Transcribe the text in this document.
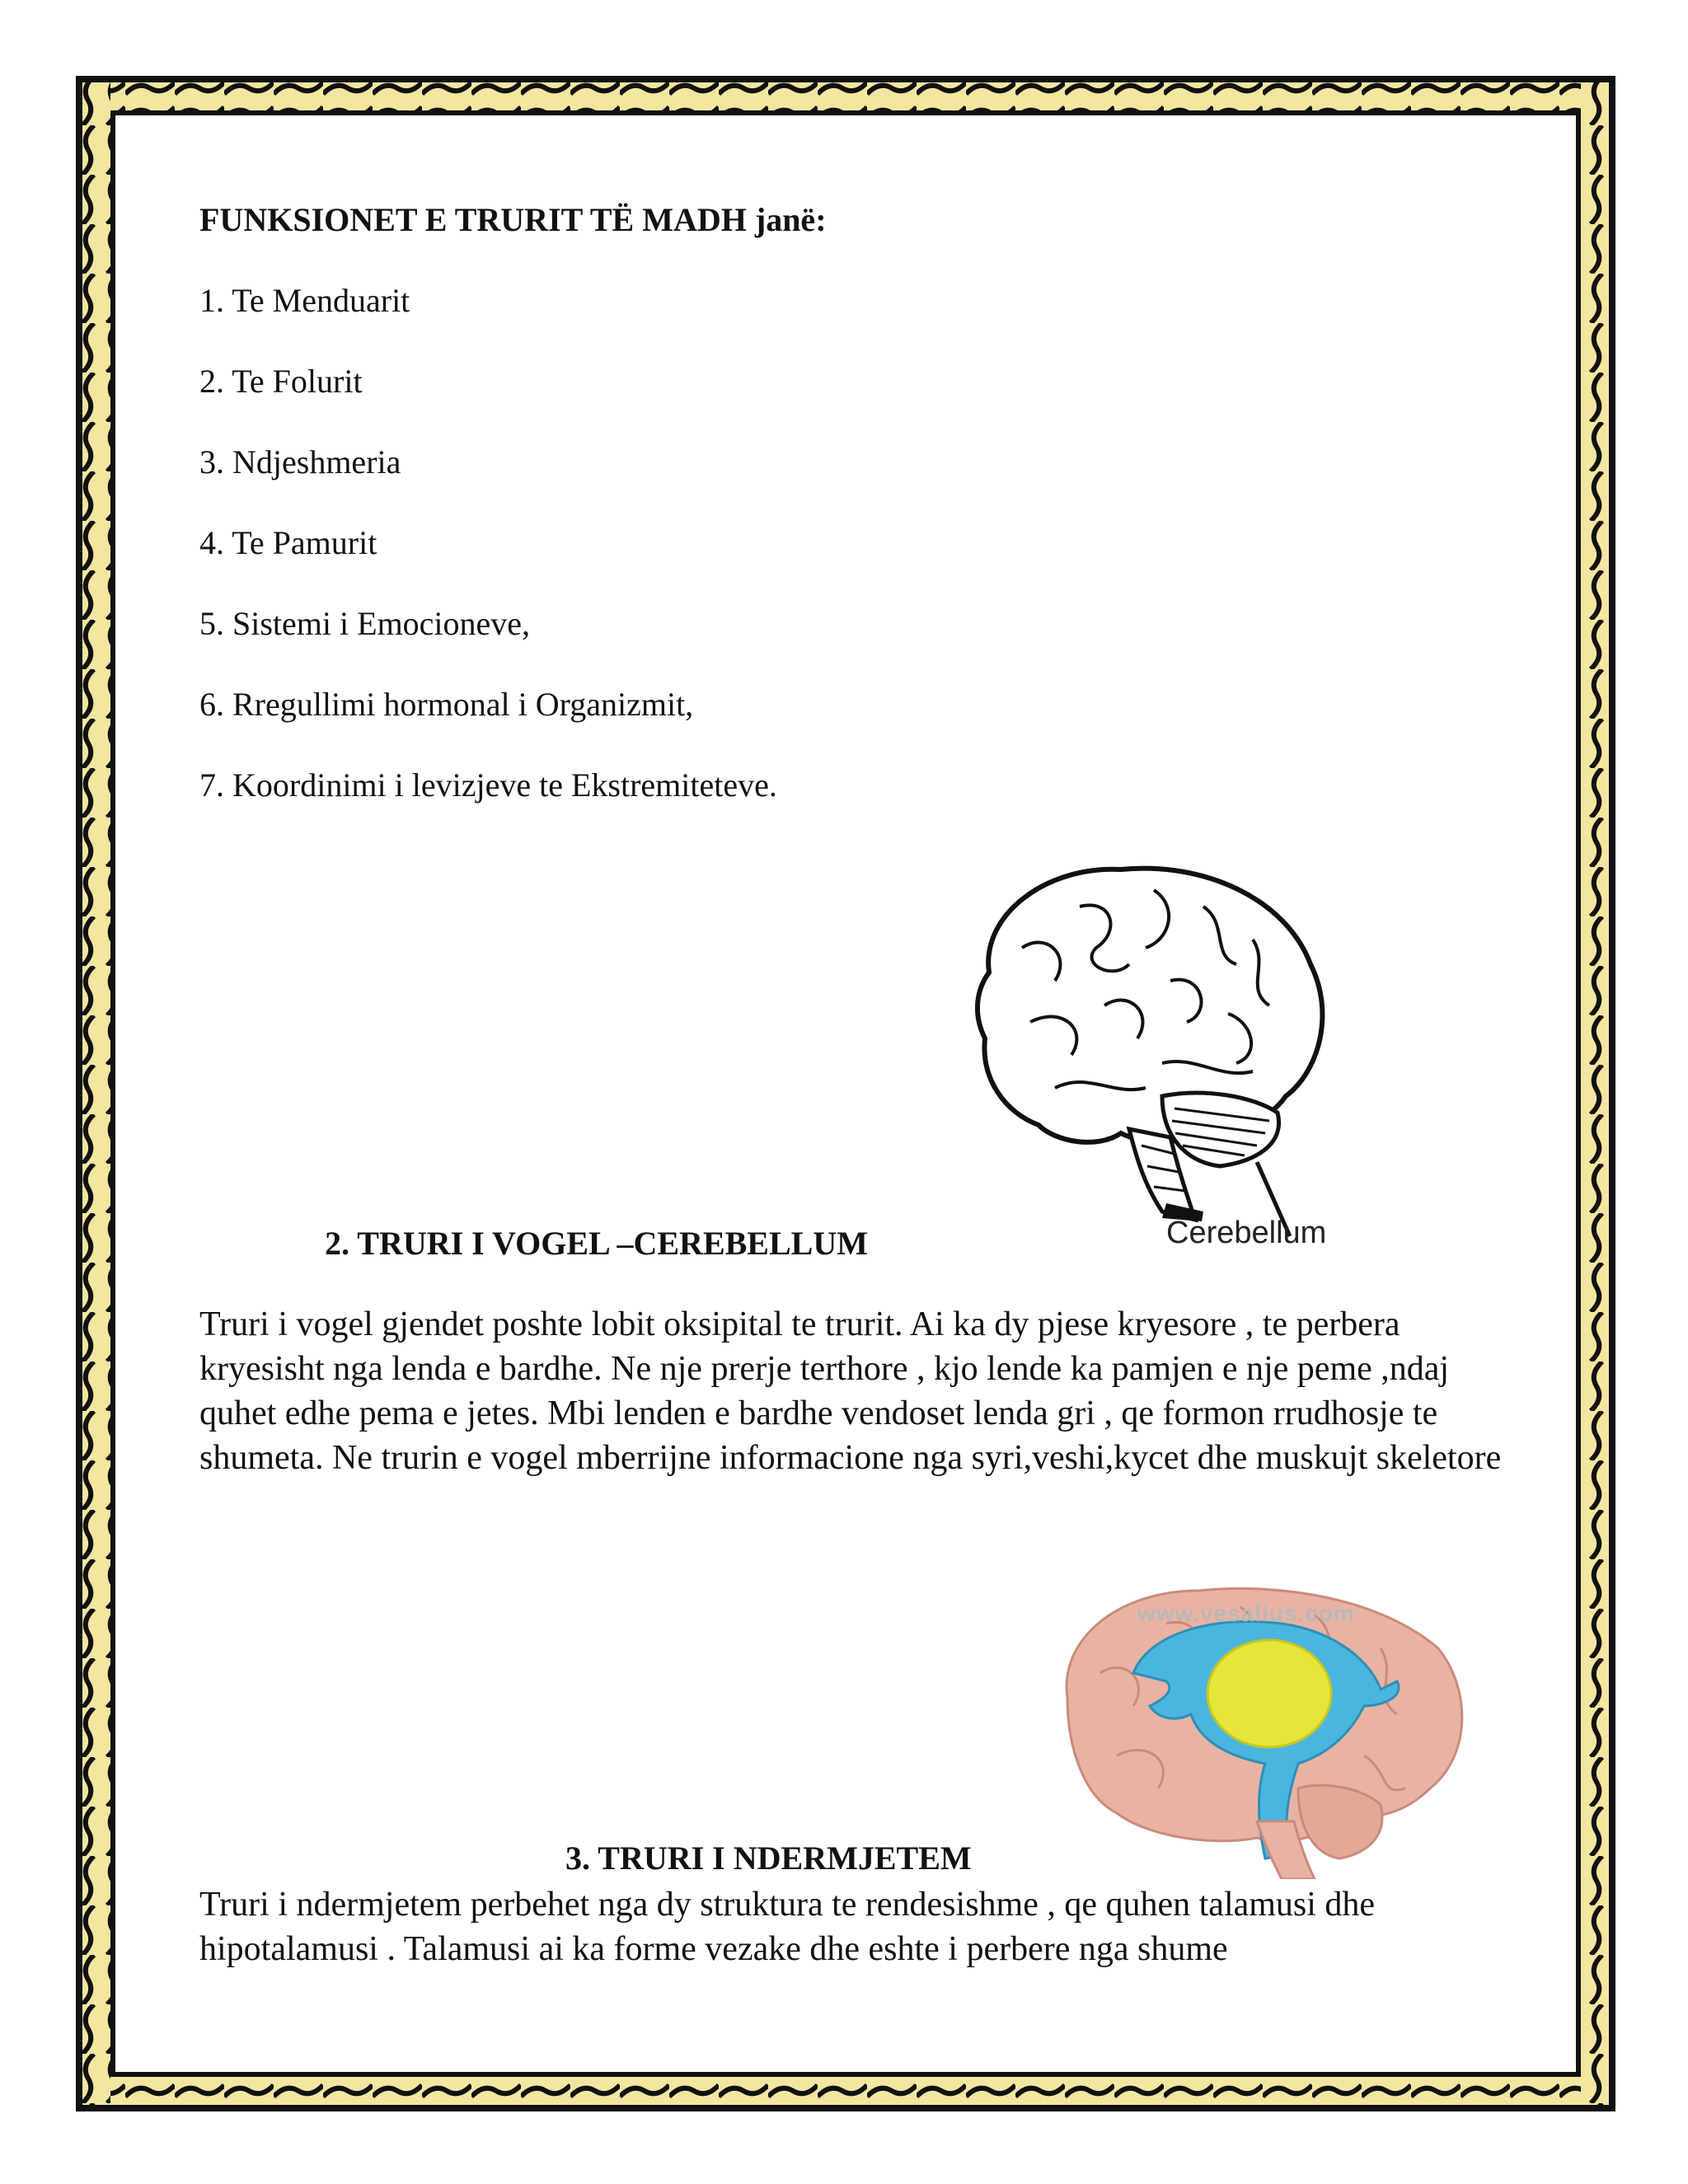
FUNKSIONET E TRURIT TË MADH janë:
1. Te Menduarit
2. Te Folurit
3. Ndjeshmeria
4. Te Pamurit
5. Sistemi i Emocioneve,
6. Rregullimi hormonal i Organizmit,
7. Koordinimi i levizjeve te Ekstremiteteve.
Cerebellum
2. TRURI I VOGEL –CEREBELLUM
Truri i vogel gjendet poshte lobit oksipital te trurit. Ai ka dy pjese kryesore , te perbera kryesisht nga lenda e bardhe. Ne nje prerje terthore , kjo lende ka pamjen e nje peme ,ndaj quhet edhe pema e jetes. Mbi lenden e bardhe vendoset lenda gri , qe formon rrudhosje te shumeta. Ne trurin e vogel mberrijne informacione nga syri,veshi,kycet dhe muskujt skeletore
www.vesalius.com
3. TRURI I NDERMJETEM
Truri i ndermjetem perbehet nga dy struktura te rendesishme , qe quhen talamusi dhe hipotalamusi . Talamusi ai ka forme vezake dhe eshte i perbere nga shume
